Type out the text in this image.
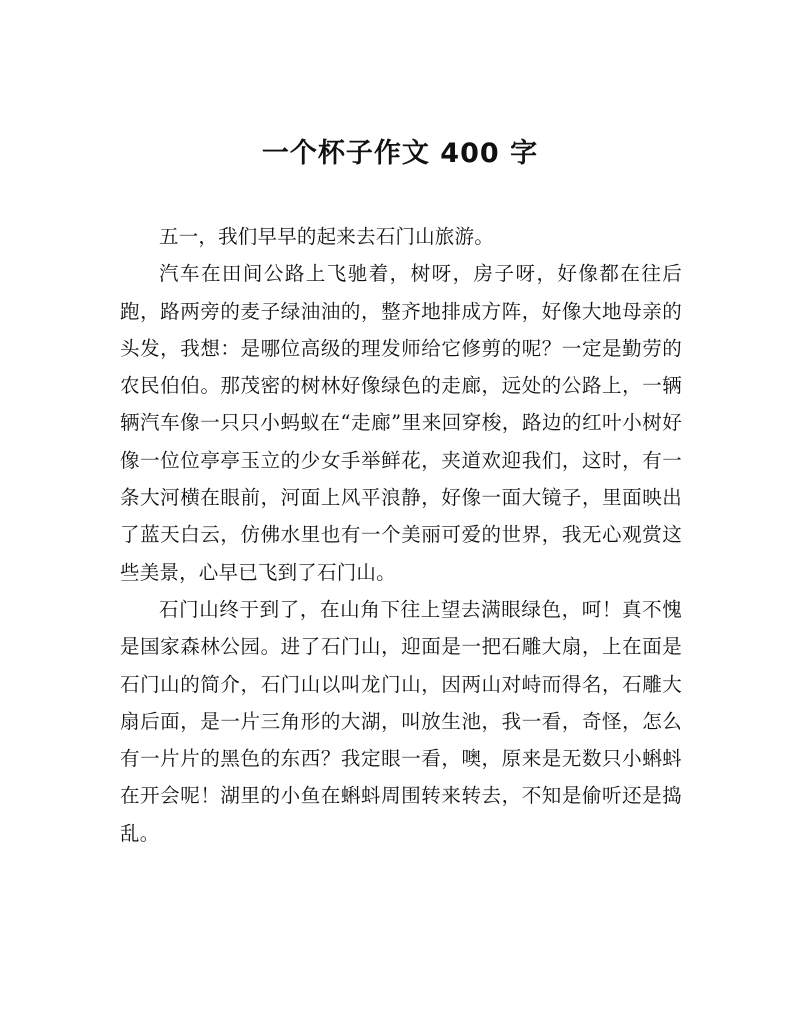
一个杯子作文 400 字

五一，我们早早的起来去石门山旅游。

汽车在田间公路上飞驰着，树呀，房子呀，好像都在往后跑，路两旁的麦子绿油油的，整齐地排成方阵，好像大地母亲的头发，我想：是哪位高级的理发师给它修剪的呢？一定是勤劳的农民伯伯。那茂密的树林好像绿色的走廊，远处的公路上，一辆辆汽车像一只只小蚂蚁在“走廊”里来回穿梭，路边的红叶小树好像一位位亭亭玉立的少女手举鲜花，夹道欢迎我们，这时，有一条大河横在眼前，河面上风平浪静，好像一面大镜子，里面映出了蓝天白云，仿佛水里也有一个美丽可爱的世界，我无心观赏这些美景，心早已飞到了石门山。

石门山终于到了，在山角下往上望去满眼绿色，呵！真不愧是国家森林公园。进了石门山，迎面是一把石雕大扇，上在面是石门山的简介，石门山以叫龙门山，因两山对峙而得名，石雕大扇后面，是一片三角形的大湖，叫放生池，我一看，奇怪，怎么有一片片的黑色的东西？我定眼一看，噢，原来是无数只小蝌蚪在开会呢！湖里的小鱼在蝌蚪周围转来转去，不知是偷听还是捣乱。
